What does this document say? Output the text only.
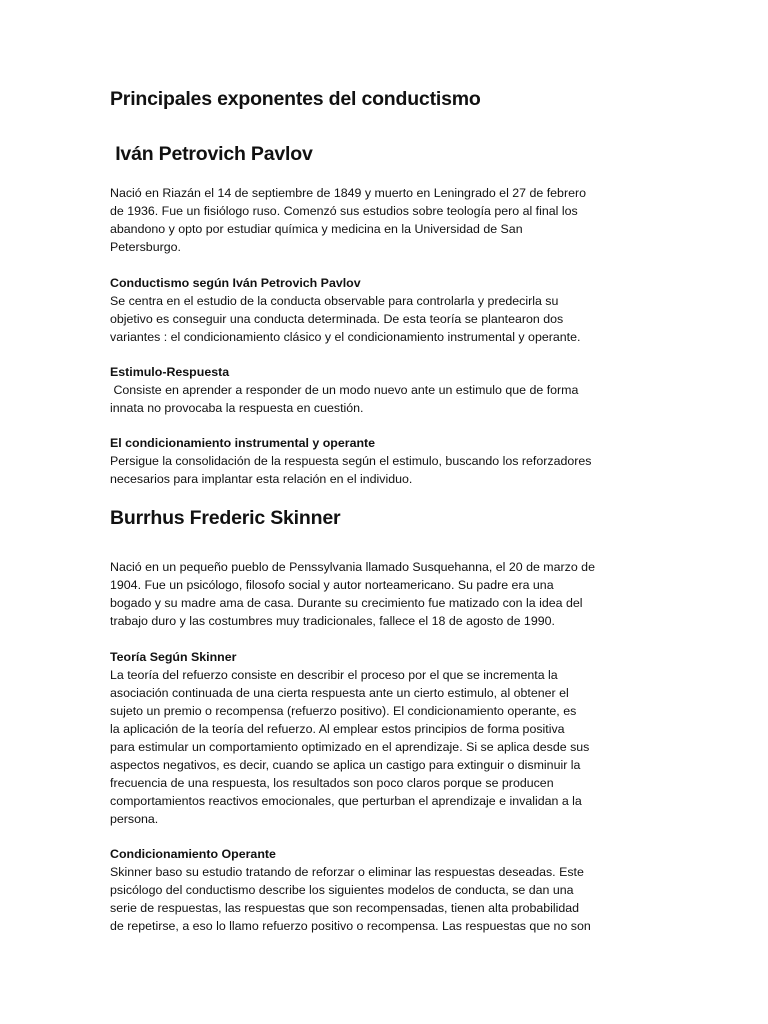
Principales exponentes del conductismo
Iván Petrovich Pavlov

Nació en Riazán el 14 de septiembre de 1849 y muerto en Leningrado el 27 de febrero
de 1936. Fue un fisiólogo ruso. Comenzó sus estudios sobre teología pero al final los
abandono y opto por estudiar química y medicina en la Universidad de San
Petersburgo.

Conductismo según Iván Petrovich Pavlov

Se centra en el estudio de la conducta observable para controlarla y predecirla su
objetivo es conseguir una conducta determinada. De esta teoría se plantearon dos
variantes : el condicionamiento clásico y el condicionamiento instrumental y operante.

Estimulo-Respuesta

Consiste en aprender a responder de un modo nuevo ante un estimulo que de forma
innata no provocaba la respuesta en cuestión.

El condicionamiento instrumental y operante

Persigue la consolidación de la respuesta según el estimulo, buscando los reforzadores
necesarios para implantar esta relación en el individuo.

Burrhus Frederic Skinner

Nació en un pequeño pueblo de Penssylvania llamado Susquehanna, el 20 de marzo de
1904. Fue un psicólogo, filosofo social y autor norteamericano. Su padre era una
bogado y su madre ama de casa. Durante su crecimiento fue matizado con la idea del
trabajo duro y las costumbres muy tradicionales, fallece el 18 de agosto de 1990.

Teoría Según Skinner

La teoría del refuerzo consiste en describir el proceso por el que se incrementa la
asociación continuada de una cierta respuesta ante un cierto estimulo, al obtener el
sujeto un premio o recompensa (refuerzo positivo). El condicionamiento operante, es
la aplicación de la teoría del refuerzo. Al emplear estos principios de forma positiva
para estimular un comportamiento optimizado en el aprendizaje. Si se aplica desde sus
aspectos negativos, es decir, cuando se aplica un castigo para extinguir o disminuir la
frecuencia de una respuesta, los resultados son poco claros porque se producen
comportamientos reactivos emocionales, que perturban el aprendizaje e invalidan a la
persona.

Condicionamiento Operante

Skinner baso su estudio tratando de reforzar o eliminar las respuestas deseadas. Este
psicólogo del conductismo describe los siguientes modelos de conducta, se dan una
serie de respuestas, las respuestas que son recompensadas, tienen alta probabilidad
de repetirse, a eso lo llamo refuerzo positivo o recompensa. Las respuestas que no son
